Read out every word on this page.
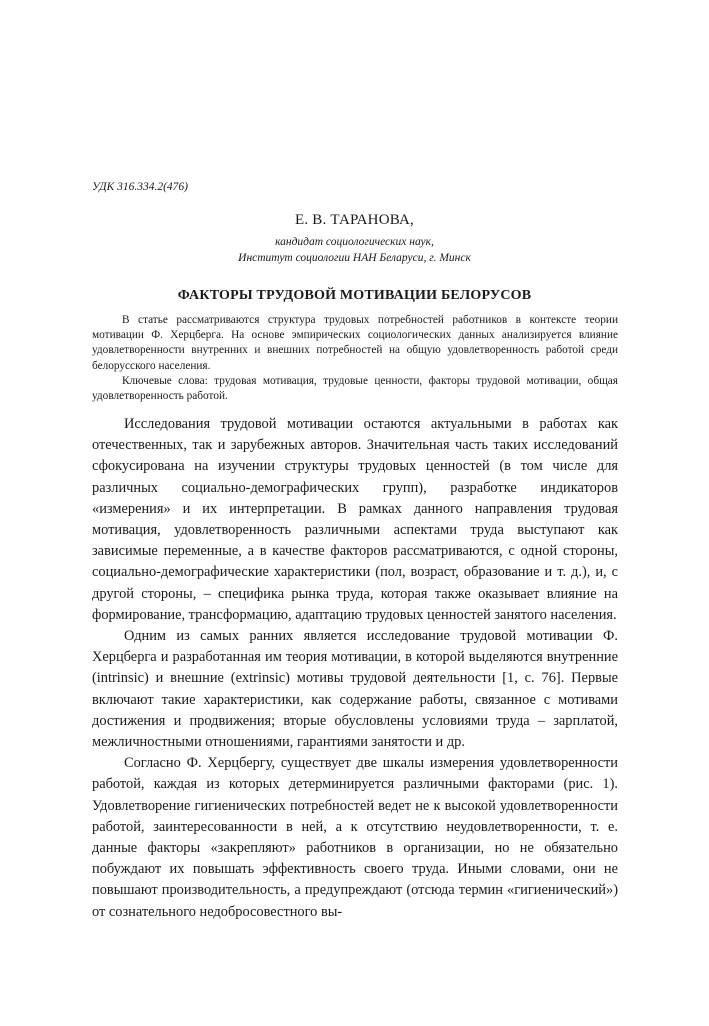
УДК 316.334.2(476)
Е. В. ТАРАНОВА,
кандидат социологических наук,
Институт социологии НАН Беларуси, г. Минск
ФАКТОРЫ ТРУДОВОЙ МОТИВАЦИИ БЕЛОРУСОВ

В статье рассматриваются структура трудовых потребностей работников в контексте теории мотивации Ф. Херцберга. На основе эмпирических социологических данных анализируется влияние удовлетворенности внутренних и внешних потребностей на общую удовлетворенность работой среди белорусского населения.

Ключевые слова: трудовая мотивация, трудовые ценности, факторы трудовой мотивации, общая удовлетворенность работой.

Исследования трудовой мотивации остаются актуальными в работах как отечественных, так и зарубежных авторов. Значительная часть таких исследований сфокусирована на изучении структуры трудовых ценностей (в том числе для различных социально-демографических групп), разработке индикаторов «измерения» и их интерпретации. В рамках данного направления трудовая мотивация, удовлетворенность различными аспектами труда выступают как зависимые переменные, а в качестве факторов рассматриваются, с одной стороны, социально-демографические характеристики (пол, возраст, образование и т. д.), и, с другой стороны, – специфика рынка труда, которая также оказывает влияние на формирование, трансформацию, адаптацию трудовых ценностей занятого населения.

Одним из самых ранних является исследование трудовой мотивации Ф. Херцберга и разработанная им теория мотивации, в которой выделяются внутренние (intrinsic) и внешние (extrinsic) мотивы трудовой деятельности [1, с. 76]. Первые включают такие характеристики, как содержание работы, связанное с мотивами достижения и продвижения; вторые обусловлены условиями труда – зарплатой, межличностными отношениями, гарантиями занятости и др.

Согласно Ф. Херцбергу, существует две шкалы измерения удовлетворенности работой, каждая из которых детерминируется различными факторами (рис. 1). Удовлетворение гигиенических потребностей ведет не к высокой удовлетворенности работой, заинтересованности в ней, а к отсутствию неудовлетворенности, т. е. данные факторы «закрепляют» работников в организации, но не обязательно побуждают их повышать эффективность своего труда. Иными словами, они не повышают производительность, а предупреждают (отсюда термин «гигиенический») от сознательного недобросовестного вы-
